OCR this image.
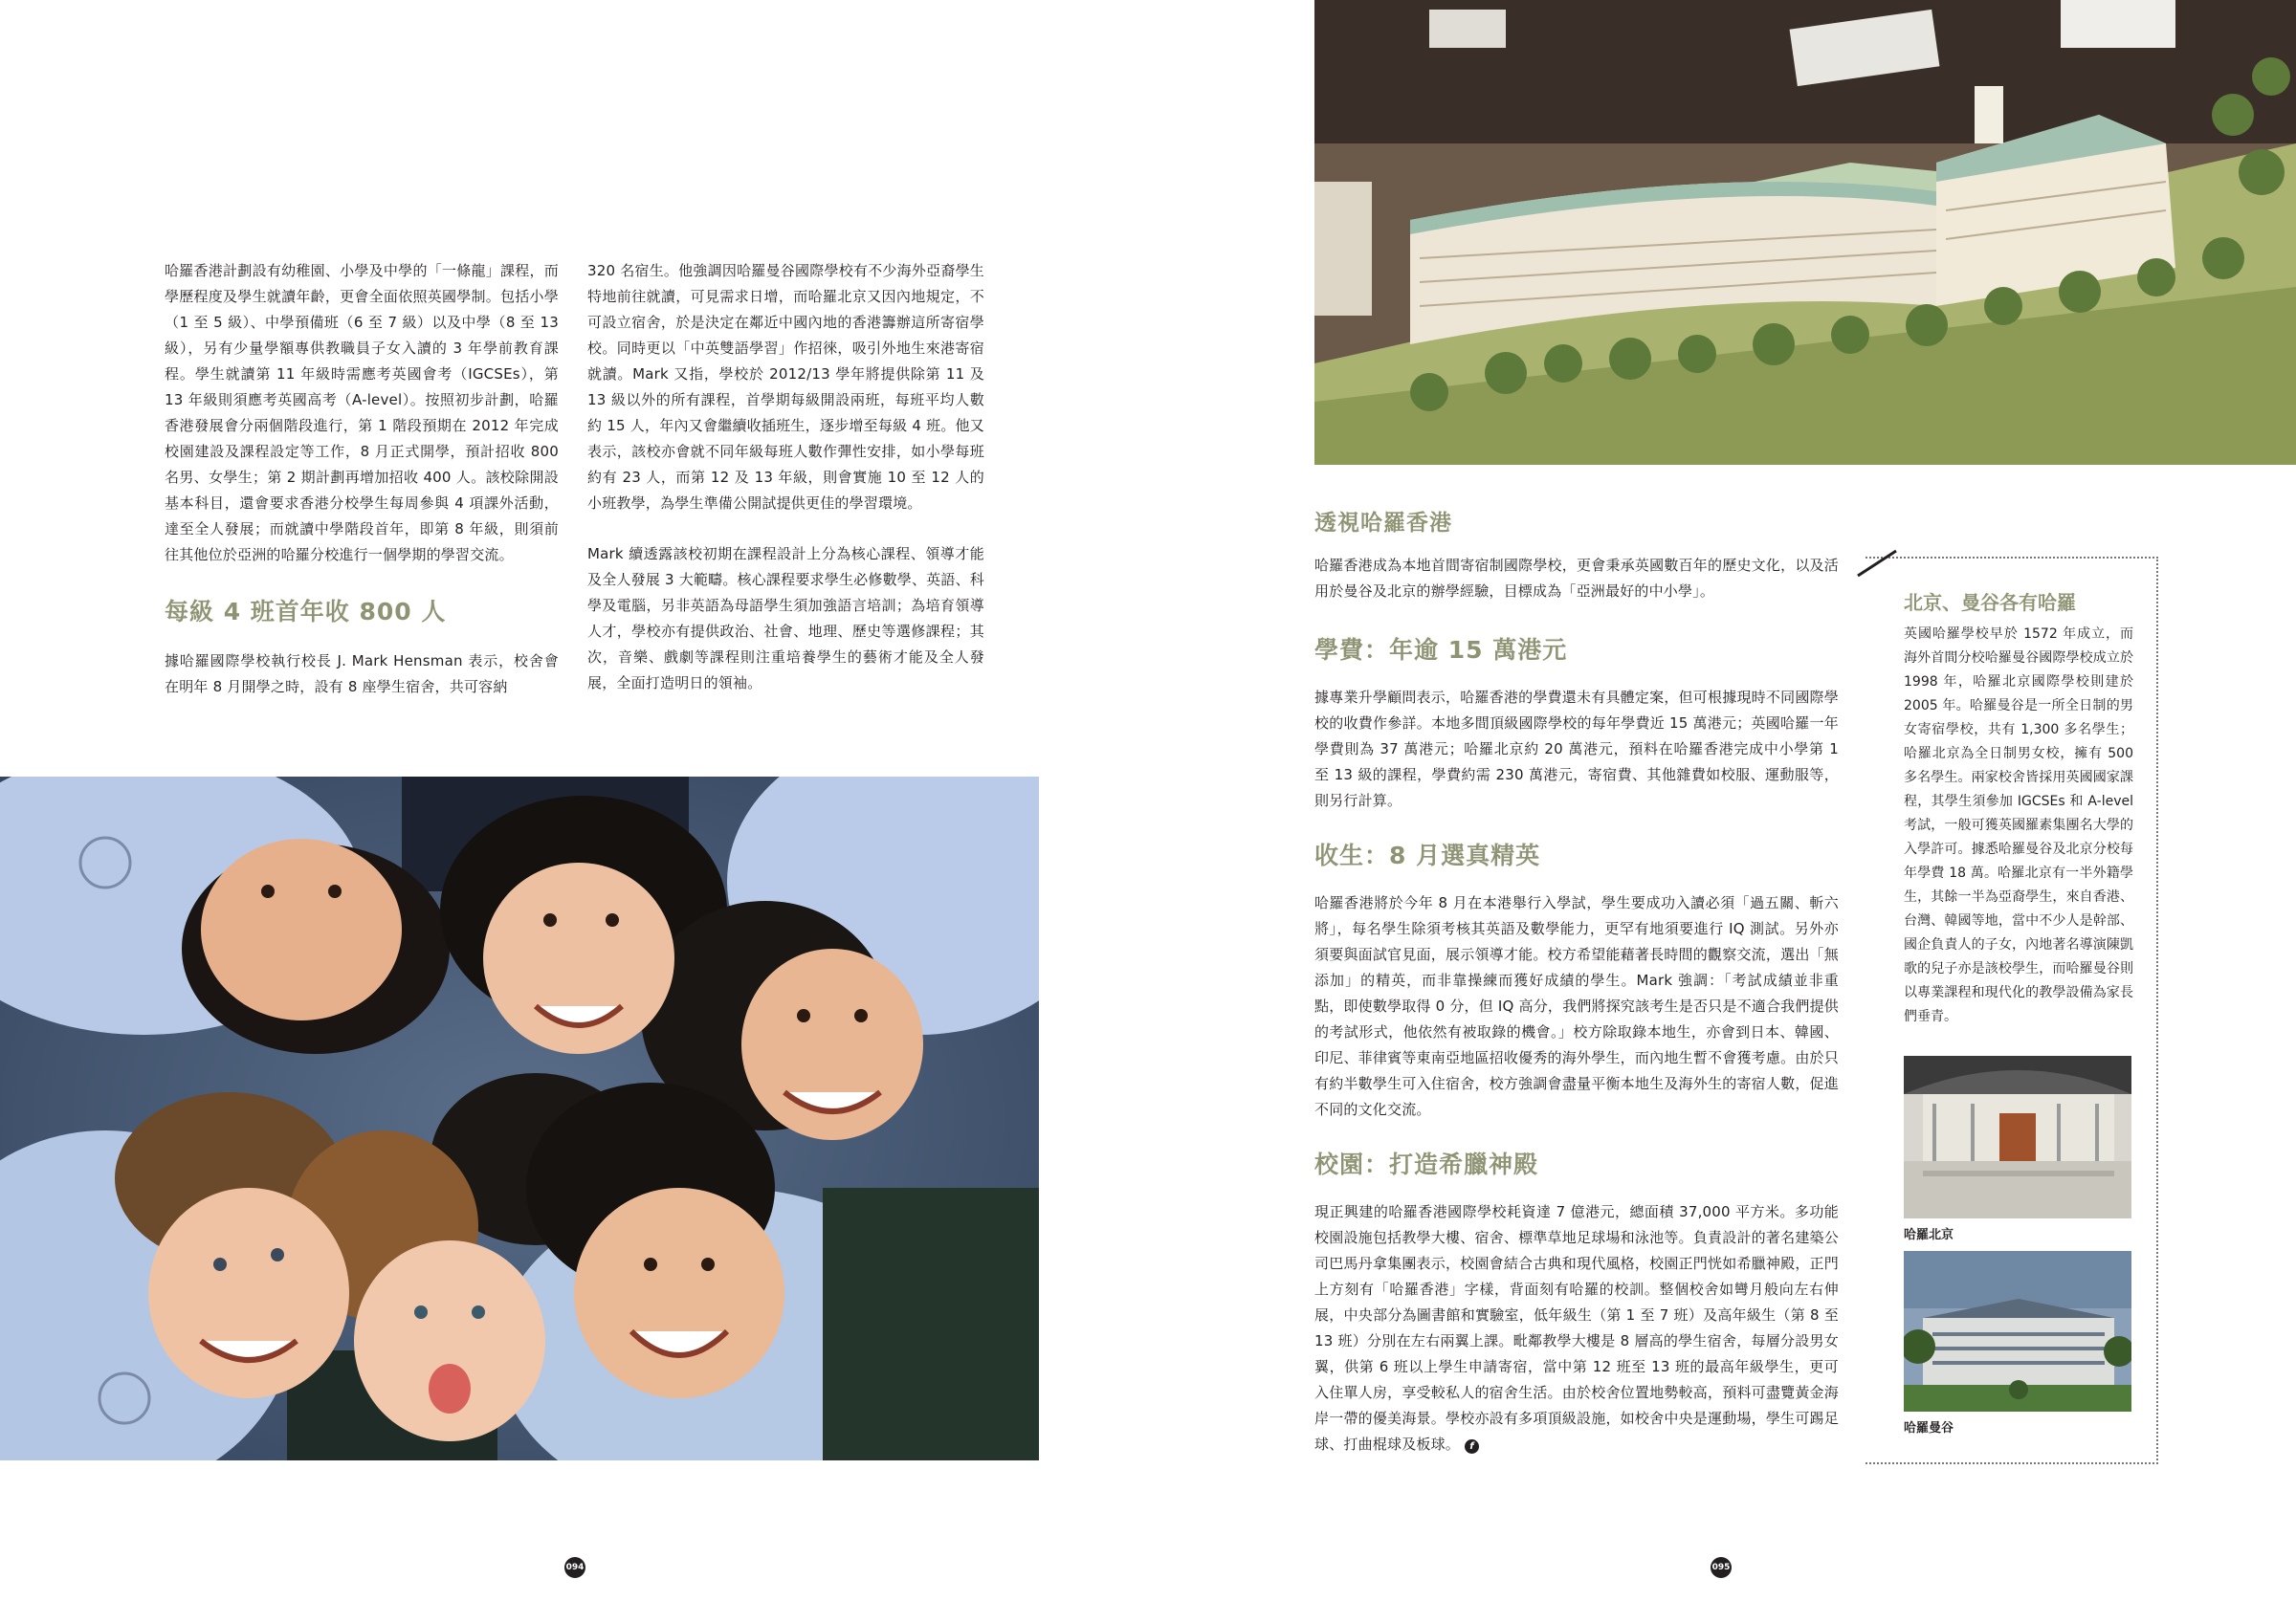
哈羅香港計劃設有幼稚園、小學及中學的「一條龍」課程，而學歷程度及學生就讀年齡，更會全面依照英國學制。包括小學（1 至 5 級）、中學預備班（6 至 7 級）以及中學（8 至 13 級），另有少量學額專供教職員子女入讀的 3 年學前教育課程。學生就讀第 11 年級時需應考英國會考（IGCSEs），第 13 年級則須應考英國高考（A-level）。按照初步計劃，哈羅香港發展會分兩個階段進行，第 1 階段預期在 2012 年完成校園建設及課程設定等工作，8 月正式開學，預計招收 800 名男、女學生；第 2 期計劃再增加招收 400 人。該校除開設基本科目，還會要求香港分校學生每周參與 4 項課外活動，達至全人發展；而就讀中學階段首年，即第 8 年級，則須前往其他位於亞洲的哈羅分校進行一個學期的學習交流。

每級 4 班首年收 800 人

據哈羅國際學校執行校長 J. Mark Hensman 表示，校舍會在明年 8 月開學之時，設有 8 座學生宿舍，共可容納

320 名宿生。他強調因哈羅曼谷國際學校有不少海外亞裔學生特地前往就讀，可見需求日增，而哈羅北京又因內地規定，不可設立宿舍，於是決定在鄰近中國內地的香港籌辦這所寄宿學校。同時更以「中英雙語學習」作招徠，吸引外地生來港寄宿就讀。Mark 又指，學校於 2012/13 學年將提供除第 11 及 13 級以外的所有課程，首學期每級開設兩班，每班平均人數約 15 人，年內又會繼續收插班生，逐步增至每級 4 班。他又表示，該校亦會就不同年級每班人數作彈性安排，如小學每班約有 23 人，而第 12 及 13 年級，則會實施 10 至 12 人的小班教學，為學生準備公開試提供更佳的學習環境。

Mark 續透露該校初期在課程設計上分為核心課程、領導才能及全人發展 3 大範疇。核心課程要求學生必修數學、英語、科學及電腦，另非英語為母語學生須加強語言培訓；為培育領導人才，學校亦有提供政治、社會、地理、歷史等選修課程；其次，音樂、戲劇等課程則注重培養學生的藝術才能及全人發展，全面打造明日的領袖。

094

透視哈羅香港

哈羅香港成為本地首間寄宿制國際學校，更會秉承英國數百年的歷史文化，以及活用於曼谷及北京的辦學經驗，目標成為「亞洲最好的中小學」。

學費：年逾 15 萬港元

據專業升學顧問表示，哈羅香港的學費還未有具體定案，但可根據現時不同國際學校的收費作參詳。本地多間頂級國際學校的每年學費近 15 萬港元；英國哈羅一年學費則為 37 萬港元；哈羅北京約 20 萬港元，預料在哈羅香港完成中小學第 1 至 13 級的課程，學費約需 230 萬港元，寄宿費、其他雜費如校服、運動服等，則另行計算。

收生：8 月選真精英

哈羅香港將於今年 8 月在本港舉行入學試，學生要成功入讀必須「過五關、斬六將」，每名學生除須考核其英語及數學能力，更罕有地須要進行 IQ 測試。另外亦須要與面試官見面，展示領導才能。校方希望能藉著長時間的觀察交流，選出「無添加」的精英，而非靠操練而獲好成績的學生。Mark 強調：「考試成績並非重點，即使數學取得 0 分，但 IQ 高分，我們將探究該考生是否只是不適合我們提供的考試形式，他依然有被取錄的機會。」校方除取錄本地生，亦會到日本、韓國、印尼、菲律賓等東南亞地區招收優秀的海外學生，而內地生暫不會獲考慮。由於只有約半數學生可入住宿舍，校方強調會盡量平衡本地生及海外生的寄宿人數，促進不同的文化交流。

校園：打造希臘神殿

現正興建的哈羅香港國際學校耗資達 7 億港元，總面積 37,000 平方米。多功能校園設施包括教學大樓、宿舍、標準草地足球場和泳池等。負責設計的著名建築公司巴馬丹拿集團表示，校園會結合古典和現代風格，校園正門恍如希臘神殿，正門上方刻有「哈羅香港」字樣，背面刻有哈羅的校訓。整個校舍如彎月般向左右伸展，中央部分為圖書館和實驗室，低年級生（第 1 至 7 班）及高年級生（第 8 至 13 班）分別在左右兩翼上課。毗鄰教學大樓是 8 層高的學生宿舍，每層分設男女翼，供第 6 班以上學生申請寄宿，當中第 12 班至 13 班的最高年級學生，更可入住單人房，享受較私人的宿舍生活。由於校舍位置地勢較高，預料可盡覽黃金海岸一帶的優美海景。學校亦設有多項頂級設施，如校舍中央是運動場，學生可踢足球、打曲棍球及板球。 f

北京、曼谷各有哈羅

英國哈羅學校早於 1572 年成立，而海外首間分校哈羅曼谷國際學校成立於 1998 年，哈羅北京國際學校則建於 2005 年。哈羅曼谷是一所全日制的男女寄宿學校，共有 1,300 多名學生；哈羅北京為全日制男女校，擁有 500 多名學生。兩家校舍皆採用英國國家課程，其學生須參加 IGCSEs 和 A-level 考試，一般可獲英國羅素集團名大學的入學許可。據悉哈羅曼谷及北京分校每年學費 18 萬。哈羅北京有一半外籍學生，其餘一半為亞裔學生，來自香港、台灣、韓國等地，當中不少人是幹部、國企負責人的子女，內地著名導演陳凱歌的兒子亦是該校學生，而哈羅曼谷則以專業課程和現代化的教學設備為家長們垂青。

哈羅北京
哈羅曼谷
095
